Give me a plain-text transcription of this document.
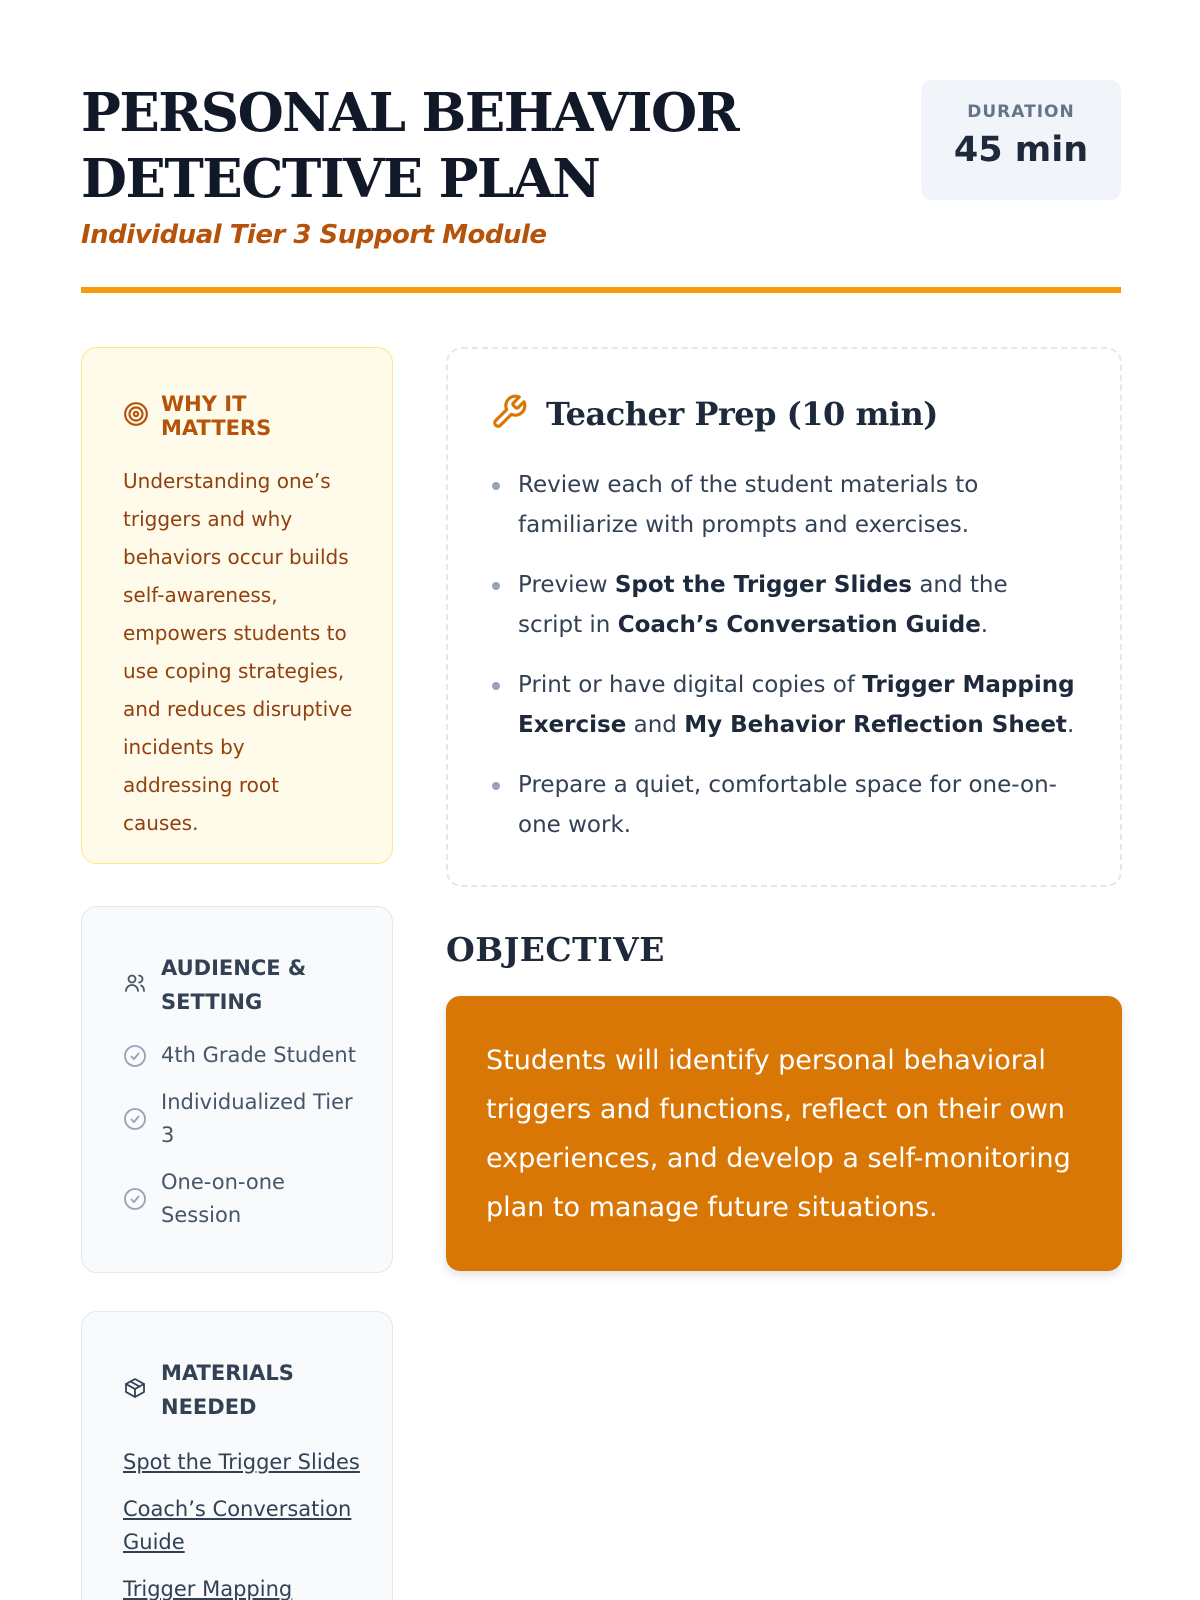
PERSONAL BEHAVIOR DETECTIVE PLAN
Individual Tier 3 Support Module
DURATION
45 min
WHY IT MATTERS

Understanding one’s triggers and why behaviors occur builds self-awareness, empowers students to use coping strategies, and reduces disruptive incidents by addressing root causes.

Teacher Prep (10 min)
Review each of the student materials to familiarize with prompts and exercises.
Preview Spot the Trigger Slides and the script in Coach’s Conversation Guide.
Print or have digital copies of Trigger Mapping Exercise and My Behavior Reflection Sheet.
Prepare a quiet, comfortable space for one-on-one work.
OBJECTIVE

Students will identify personal behavioral triggers and functions, reflect on their own experiences, and develop a self-monitoring plan to manage future situations.

AUDIENCE & SETTING
4th Grade Student
Individualized Tier 3
One-on-one Session
MATERIALS NEEDED
Spot the Trigger Slides
Coach’s Conversation Guide
Trigger Mapping
